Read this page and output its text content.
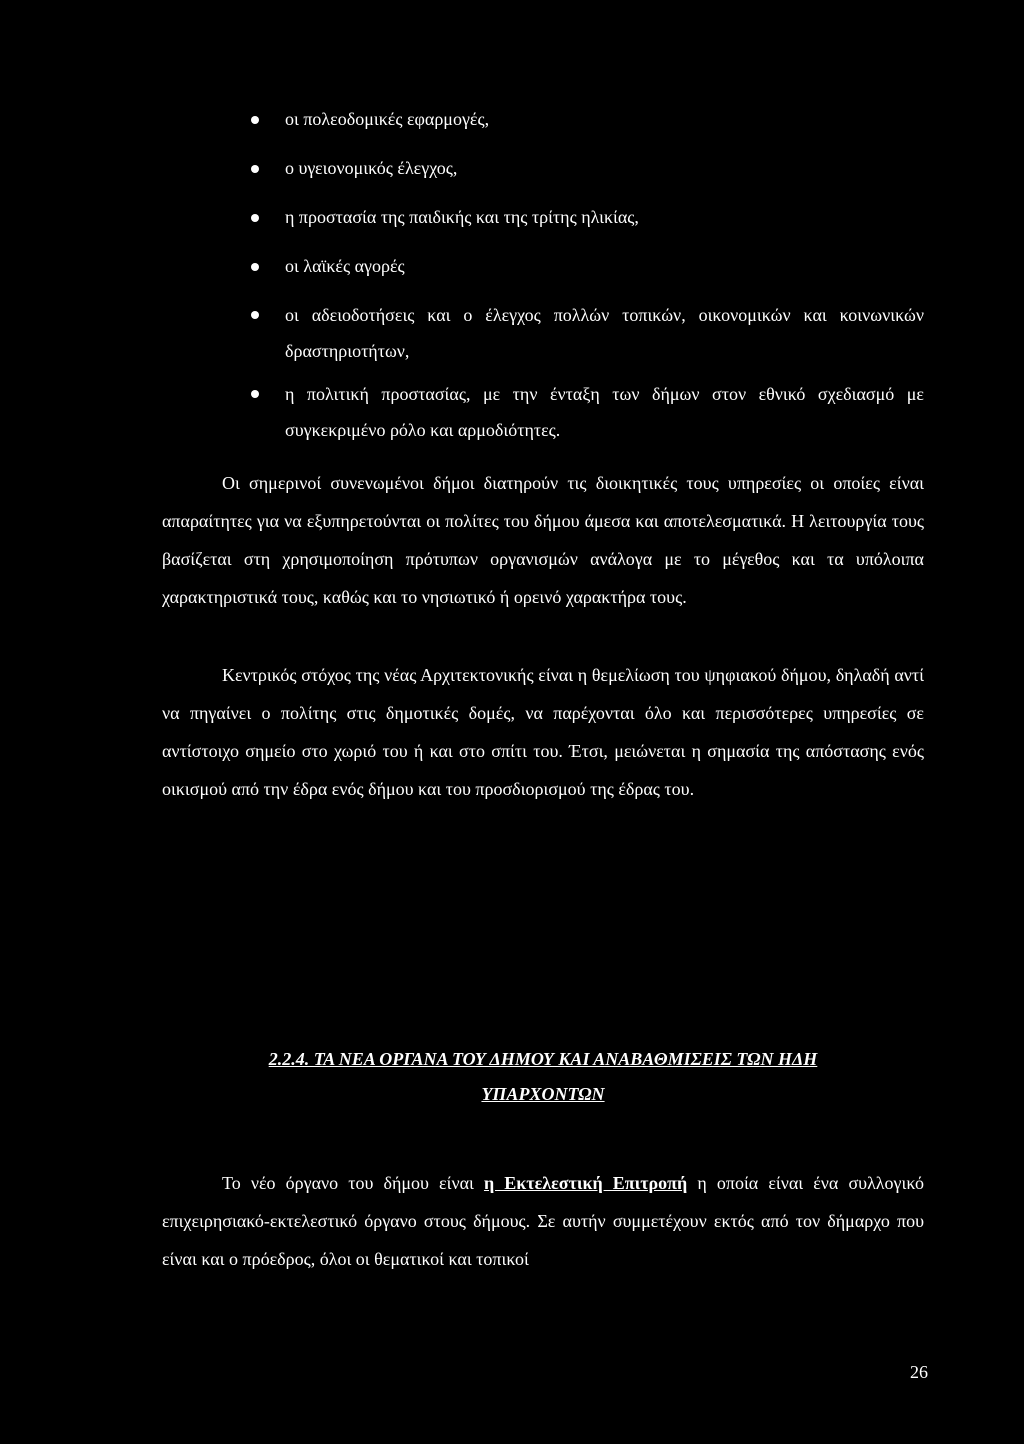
οι πολεοδομικές εφαρμογές,
ο υγειονομικός έλεγχος,
η προστασία της παιδικής και της τρίτης ηλικίας,
οι λαϊκές αγορές
οι αδειοδοτήσεις και ο έλεγχος πολλών τοπικών, οικονομικών και κοινωνικών δραστηριοτήτων,
η πολιτική προστασίας, με την ένταξη των δήμων στον εθνικό σχεδιασμό με συγκεκριμένο ρόλο και αρμοδιότητες.

Οι σημερινοί συνενωμένοι δήμοι διατηρούν τις διοικητικές τους υπηρεσίες οι οποίες είναι απαραίτητες για να εξυπηρετούνται οι πολίτες του δήμου άμεσα και αποτελεσματικά. Η λειτουργία τους βασίζεται στη χρησιμοποίηση πρότυπων οργανισμών ανάλογα με το μέγεθος και τα υπόλοιπα χαρακτηριστικά τους, καθώς και το νησιωτικό ή ορεινό χαρακτήρα τους.

Κεντρικός στόχος της νέας Αρχιτεκτονικής είναι η θεμελίωση του ψηφιακού δήμου, δηλαδή αντί να πηγαίνει ο πολίτης στις δημοτικές δομές, να παρέχονται όλο και περισσότερες υπηρεσίες σε αντίστοιχο σημείο στο χωριό του ή και στο σπίτι του. Έτσι, μειώνεται η σημασία της απόστασης ενός οικισμού από την έδρα ενός δήμου και του προσδιορισμού της έδρας του.

2.2.4. ΤΑ ΝΕΑ ΟΡΓΑΝΑ ΤΟΥ ΔΗΜΟΥ ΚΑΙ ΑΝΑΒΑΘΜΙΣΕΙΣ ΤΩΝ ΗΔΗ

ΥΠΑΡΧΟΝΤΩΝ

Το νέο όργανο του δήμου είναι η Εκτελεστική Επιτροπή η οποία είναι ένα συλλογικό επιχειρησιακό-εκτελεστικό όργανο στους δήμους. Σε αυτήν συμμετέχουν εκτός από τον δήμαρχο που είναι και ο πρόεδρος, όλοι οι θεματικοί και τοπικοί

26
